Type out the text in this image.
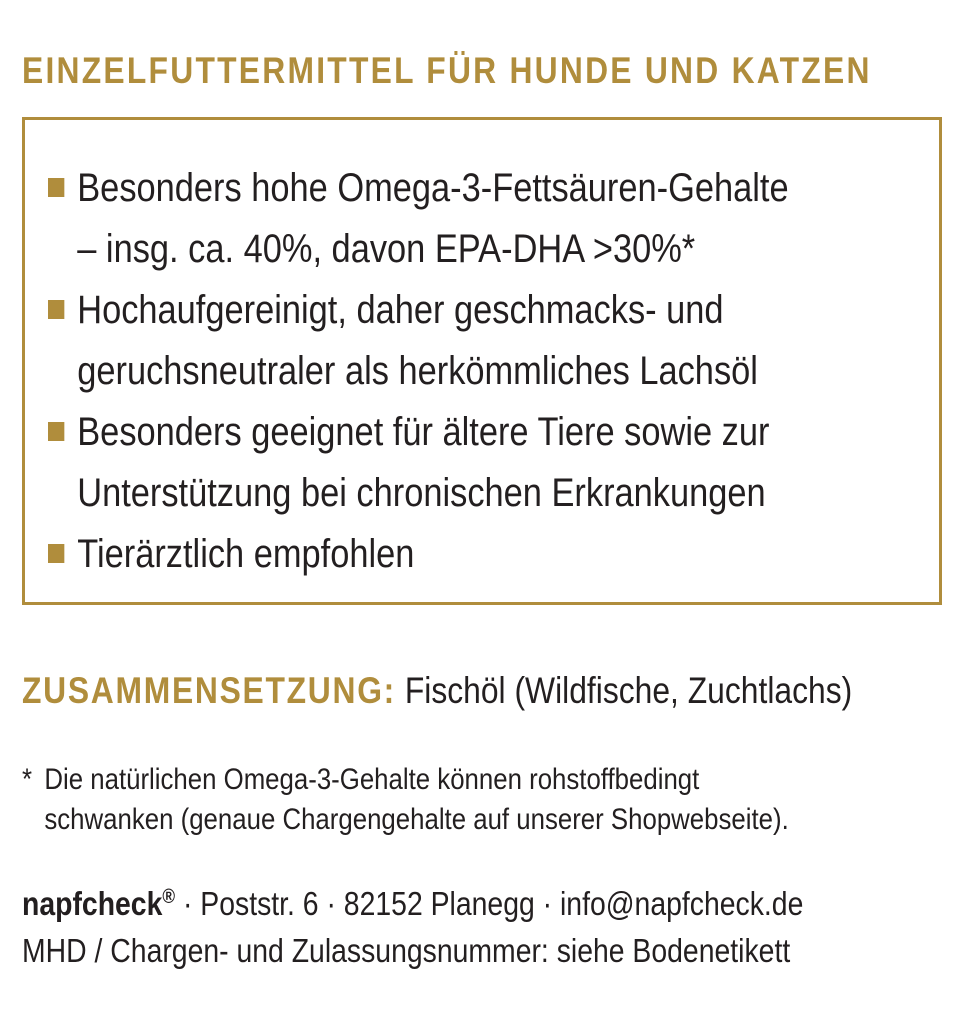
EINZELFUTTERMITTEL FÜR HUNDE UND KATZEN
Besonders hohe Omega-3-Fettsäuren-Gehalte
– insg. ca. 40%, davon EPA-DHA >30%*
Hochaufgereinigt, daher geschmacks- und
geruchsneutraler als herkömmliches Lachsöl
Besonders geeignet für ältere Tiere sowie zur
Unterstützung bei chronischen Erkrankungen
Tierärztlich empfohlen
ZUSAMMENSETZUNG: Fischöl (Wildfische, Zuchtlachs)
* Die natürlichen Omega-3-Gehalte können rohstoffbedingt
schwanken (genaue Chargengehalte auf unserer Shopwebseite).
napfcheck® · Poststr. 6 · 82152 Planegg · info@napfcheck.de
MHD / Chargen- und Zulassungsnummer: siehe Bodenetikett
